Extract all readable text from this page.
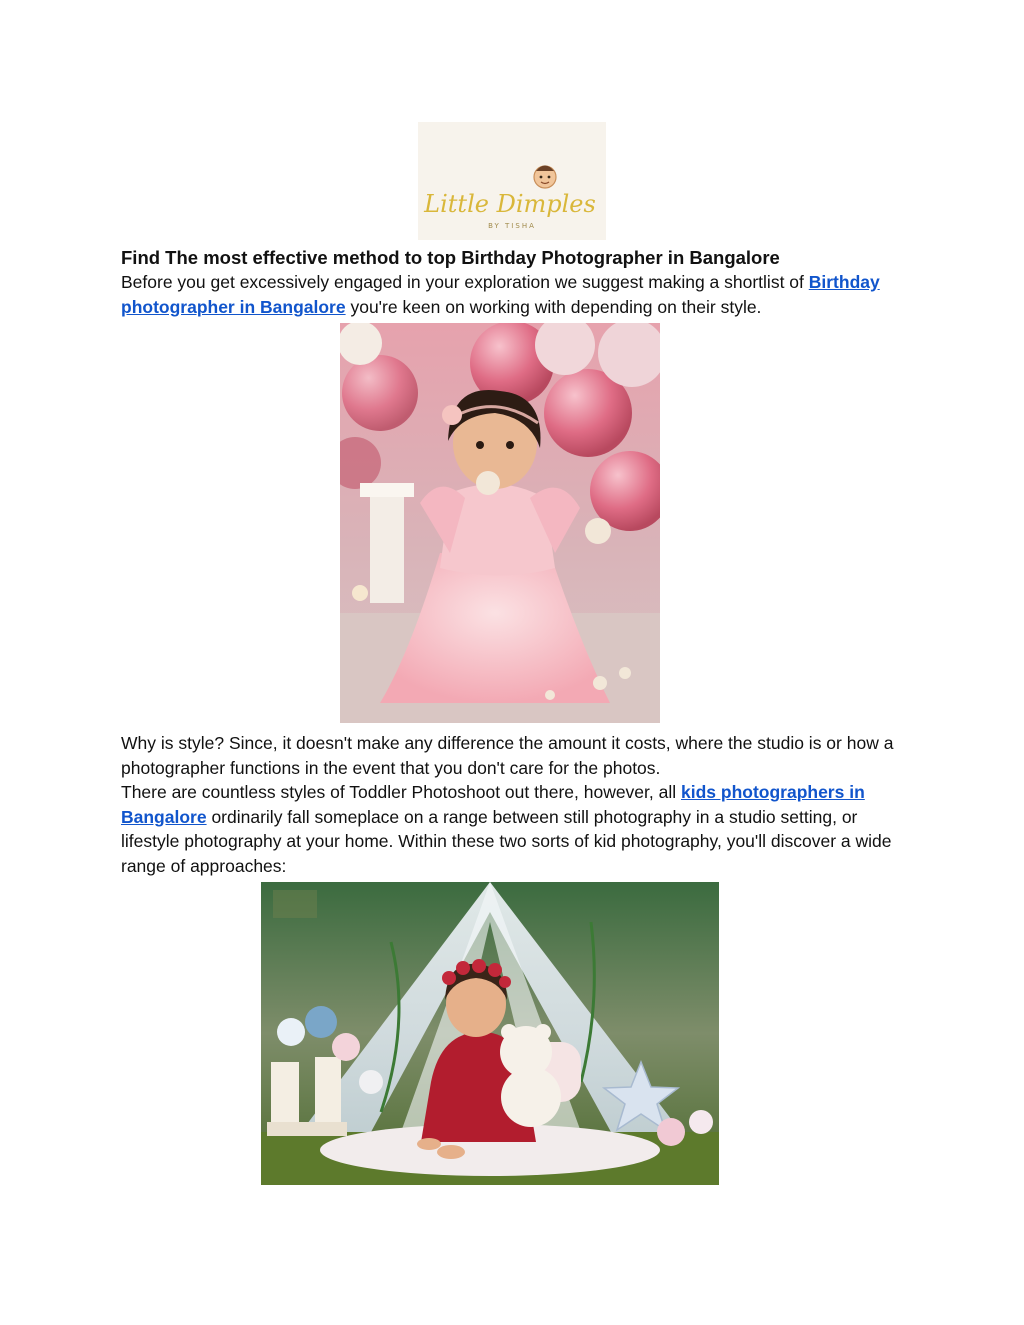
Little Dimples
BY TISHA
Find The most effective method to top Birthday Photographer in Bangalore

Before you get excessively engaged in your exploration we suggest making a shortlist of Birthday photographer in Bangalore you're keen on working with depending on their style.

Why is style? Since, it doesn't make any difference the amount it costs, where the studio is or how a photographer functions in the event that you don't care for the photos.

There are countless styles of Toddler Photoshoot out there, however, all kids photographers in Bangalore ordinarily fall someplace on a range between still photography in a studio setting, or lifestyle photography at your home. Within these two sorts of kid photography, you'll discover a wide range of approaches:
